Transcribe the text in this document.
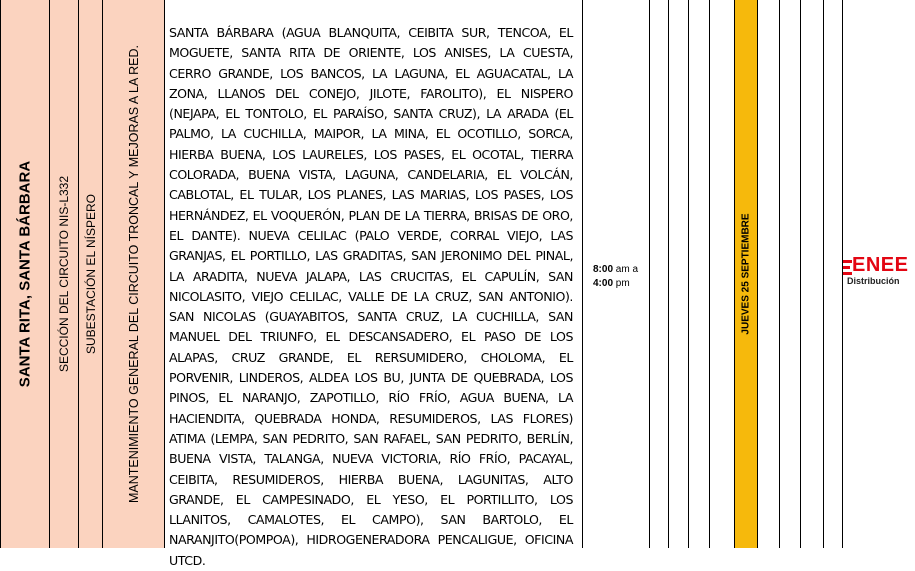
SANTA RITA, SANTA BÁRBARA SECCIÓN DEL CIRCUITO NIS-L332 SUBESTACIÓN EL NÍSPERO MANTENIMIENTO GENERAL DEL CIRCUITO TRONCAL Y MEJORAS A LA RED.
SANTA BÁRBARA (AGUA BLANQUITA, CEIBITA SUR, TENCOA, EL MOGUETE, SANTA RITA DE ORIENTE, LOS ANISES, LA CUESTA, CERRO GRANDE, LOS BANCOS, LA LAGUNA, EL AGUACATAL, LA ZONA, LLANOS DEL CONEJO, JILOTE, FAROLITO), EL NISPERO (NEJAPA, EL TONTOLO, EL PARAÍSO, SANTA CRUZ), LA ARADA (EL PALMO, LA CUCHILLA, MAIPOR, LA MINA, EL OCOTILLO, SORCA, HIERBA BUENA, LOS LAURELES, LOS PASES, EL OCOTAL, TIERRA COLORADA, BUENA VISTA, LAGUNA, CANDELARIA, EL VOLCÁN, CABLOTAL, EL TULAR, LOS PLANES, LAS MARIAS, LOS PASES, LOS HERNÁNDEZ, EL VOQUERÓN, PLAN DE LA TIERRA, BRISAS DE ORO, EL DANTE). NUEVA CELILAC (PALO VERDE, CORRAL VIEJO, LAS GRANJAS, EL PORTILLO, LAS GRADITAS, SAN JERONIMO DEL PINAL, LA ARADITA, NUEVA JALAPA, LAS CRUCITAS, EL CAPULÍN, SAN NICOLASITO, VIEJO CELILAC, VALLE DE LA CRUZ, SAN ANTONIO). SAN NICOLAS (GUAYABITOS, SANTA CRUZ, LA CUCHILLA, SAN MANUEL DEL TRIUNFO, EL DESCANSADERO, EL PASO DE LOS ALAPAS, CRUZ GRANDE, EL RERSUMIDERO, CHOLOMA, EL PORVENIR, LINDEROS, ALDEA LOS BU, JUNTA DE QUEBRADA, LOS PINOS, EL NARANJO, ZAPOTILLO, RÍO FRÍO, AGUA BUENA, LA HACIENDITA, QUEBRADA HONDA, RESUMIDEROS, LAS FLORES) ATIMA (LEMPA, SAN PEDRITO, SAN RAFAEL, SAN PEDRITO, BERLÍN, BUENA VISTA, TALANGA, NUEVA VICTORIA, RÍO FRÍO, PACAYAL, CEIBITA, RESUMIDEROS, HIERBA BUENA, LAGUNITAS, ALTO GRANDE, EL CAMPESINADO, EL YESO, EL PORTILLITO, LOS LLANITOS, CAMALOTES, EL CAMPO), SAN BARTOLO, EL NARANJITO(POMPOA), HIDROGENERADORA PENCALIGUE, OFICINA UTCD.
8:00 am a
4:00 pm	JUEVES 25 SEPTIEMBRE	ENEE
Distribución
